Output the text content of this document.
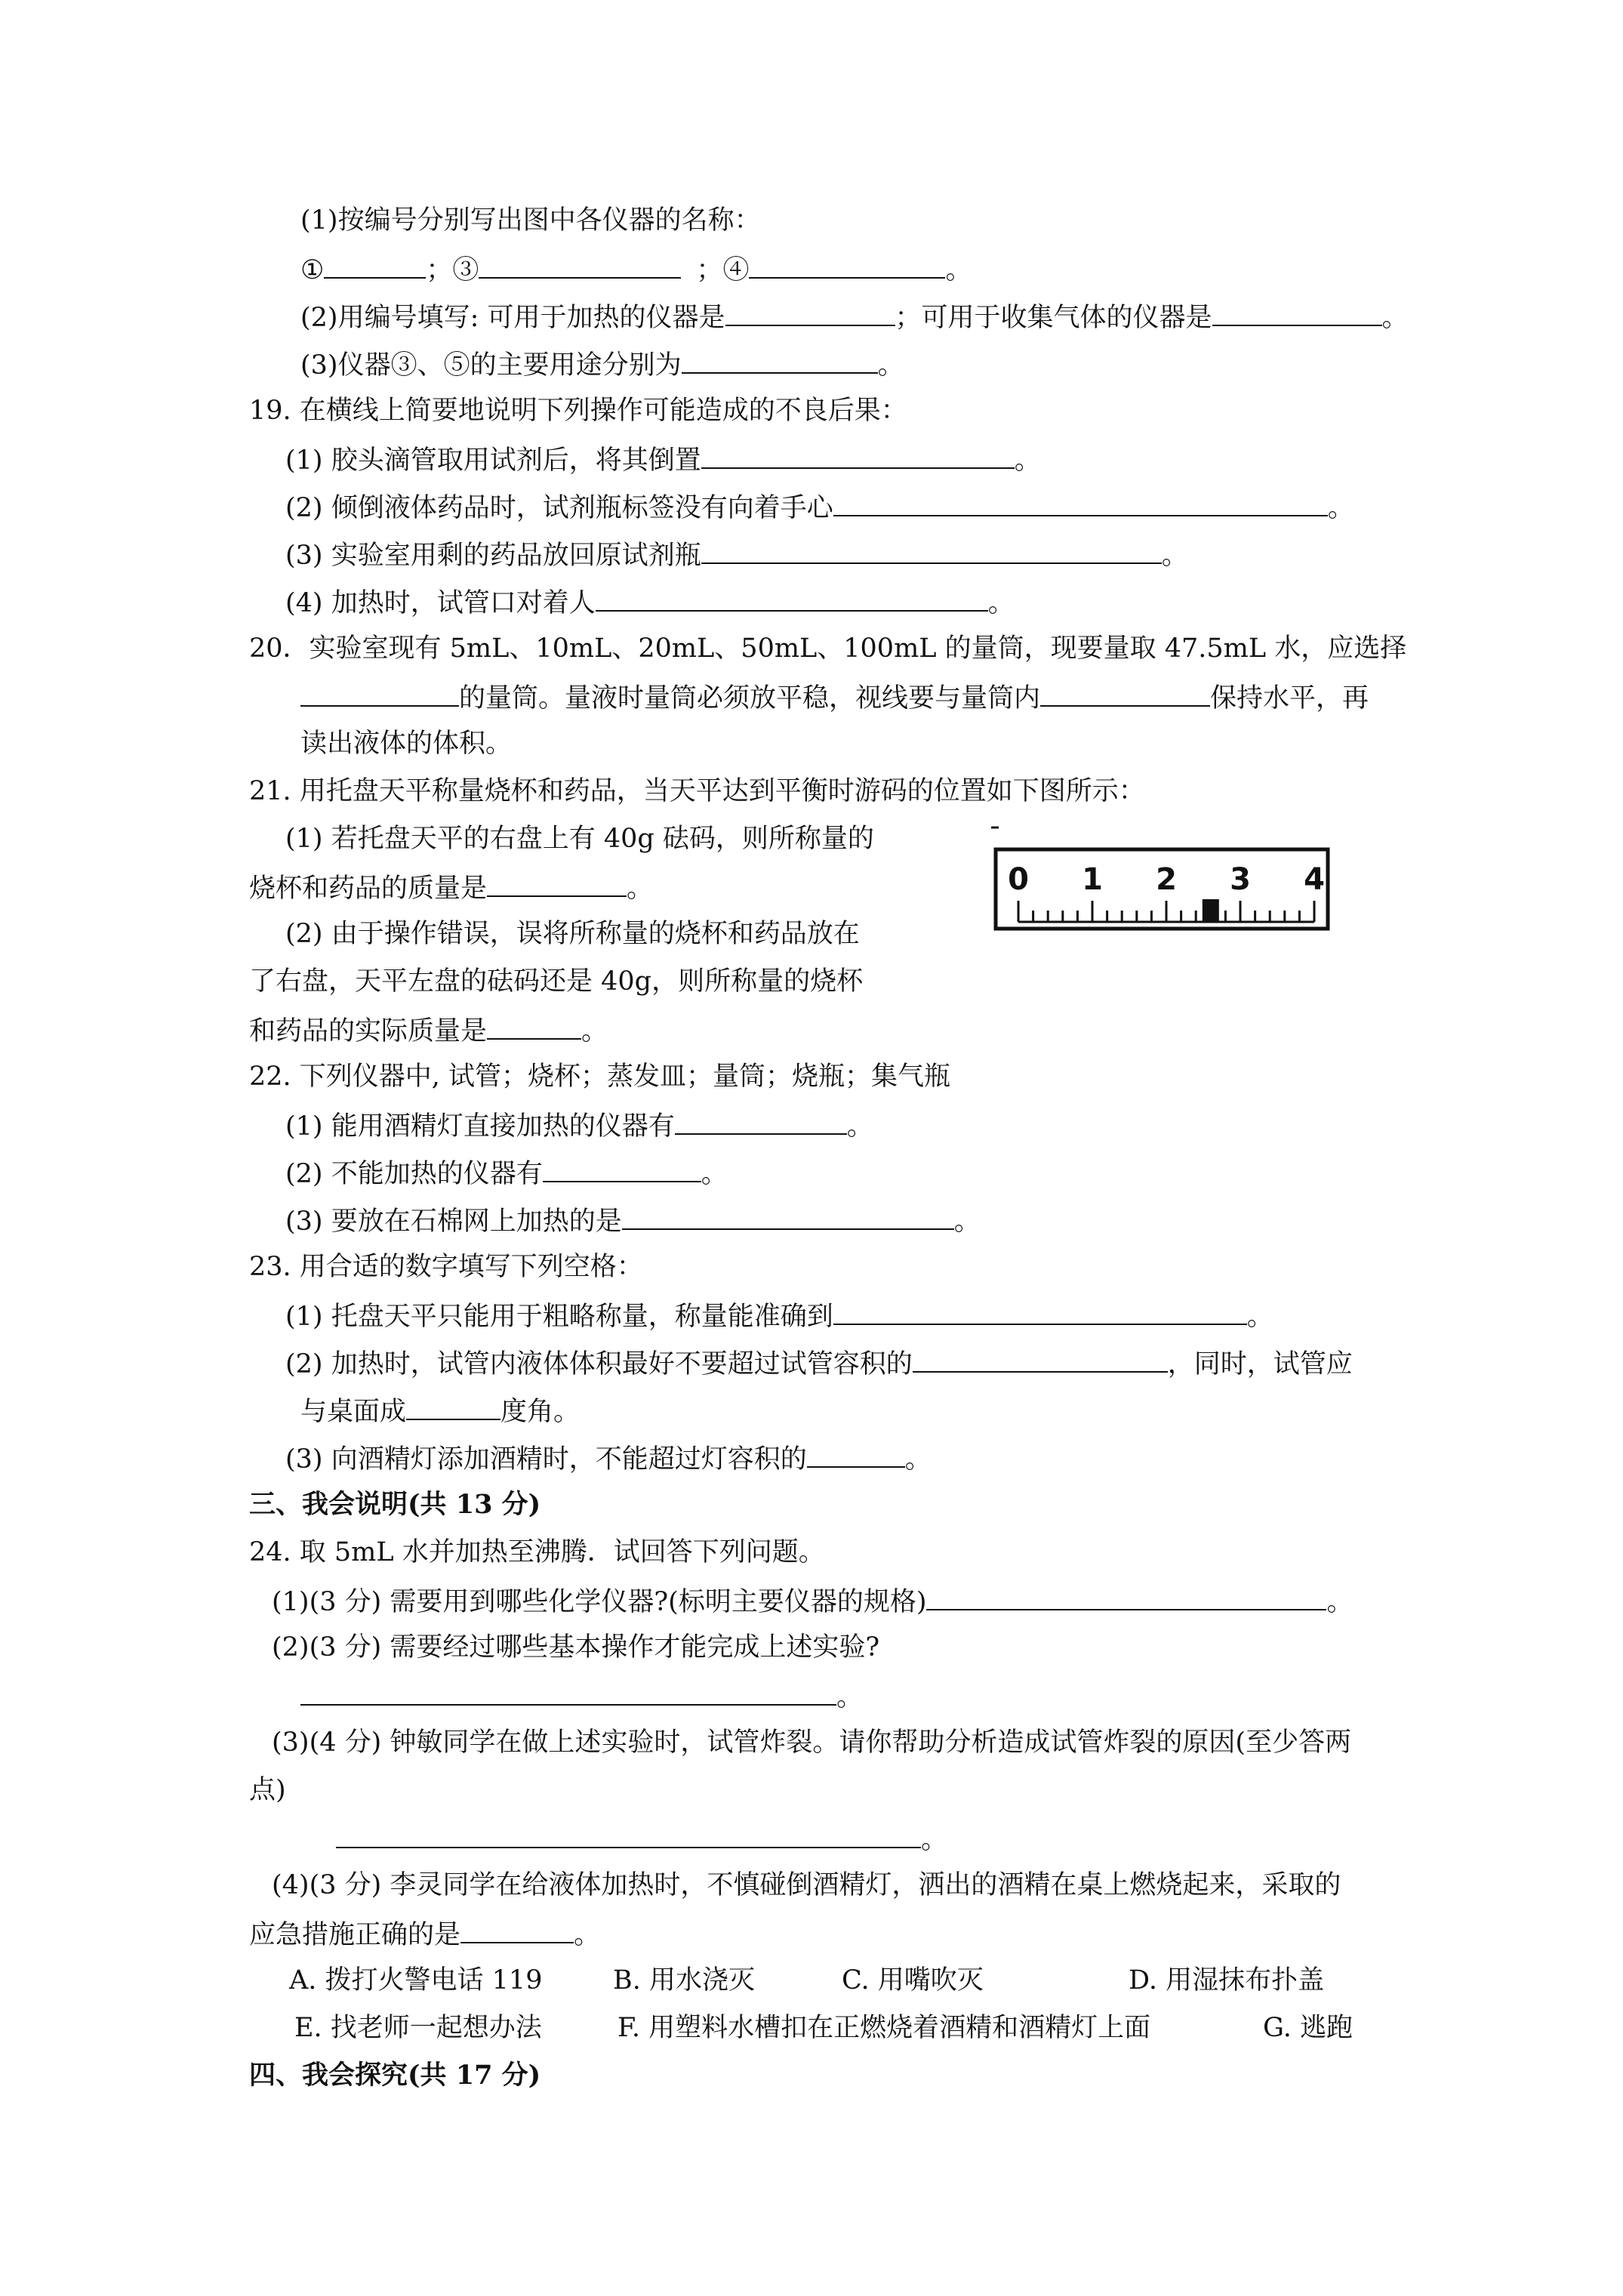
(1)按编号分别写出图中各仪器的名称：
①	；③	；④	。
(2)用编号填写: 可用于加热的仪器是	；可用于收集气体的仪器是	。
(3)仪器③、⑤的主要用途分别为	。
19. 在横线上简要地说明下列操作可能造成的不良后果：
(1) 胶头滴管取用试剂后，将其倒置	。
(2) 倾倒液体药品时，试剂瓶标签没有向着手心	。
(3) 实验室用剩的药品放回原试剂瓶	。
(4) 加热时，试管口对着人	。
20．实验室现有 5mL、10mL、20mL、50mL、100mL 的量筒，现要量取 47.5mL 水，应选择
的量筒。量液时量筒必须放平稳，视线要与量筒内	保持水平，再
读出液体的体积。
21. 用托盘天平称量烧杯和药品，当天平达到平衡时游码的位置如下图所示：
(1) 若托盘天平的右盘上有 40g 砝码，则所称量的
烧杯和药品的质量是	。
(2) 由于操作错误，误将所称量的烧杯和药品放在
了右盘，天平左盘的砝码还是 40g，则所称量的烧杯
和药品的实际质量是	。
0 1 2 3 4
22. 下列仪器中, 试管；烧杯；蒸发皿；量筒；烧瓶；集气瓶
(1) 能用酒精灯直接加热的仪器有	。
(2) 不能加热的仪器有	。
(3) 要放在石棉网上加热的是	。
23. 用合适的数字填写下列空格：
(1) 托盘天平只能用于粗略称量，称量能准确到	。
(2) 加热时，试管内液体体积最好不要超过试管容积的	，同时，试管应
与桌面成	度角。
(3) 向酒精灯添加酒精时，不能超过灯容积的	。
三、我会说明(共 13 分)
24. 取 5mL 水并加热至沸腾．试回答下列问题。
(1)(3 分) 需要用到哪些化学仪器?(标明主要仪器的规格)	。
(2)(3 分) 需要经过哪些基本操作才能完成上述实验?
。
(3)(4 分) 钟敏同学在做上述实验时，试管炸裂。请你帮助分析造成试管炸裂的原因(至少答两
点)
。
(4)(3 分) 李灵同学在给液体加热时，不慎碰倒酒精灯，洒出的酒精在桌上燃烧起来，采取的
应急措施正确的是	。
A. 拨打火警电话 119	B. 用水浇灭	C. 用嘴吹灭	D. 用湿抹布扑盖
E. 找老师一起想办法	F. 用塑料水槽扣在正燃烧着酒精和酒精灯上面	G. 逃跑
四、我会探究(共 17 分)
